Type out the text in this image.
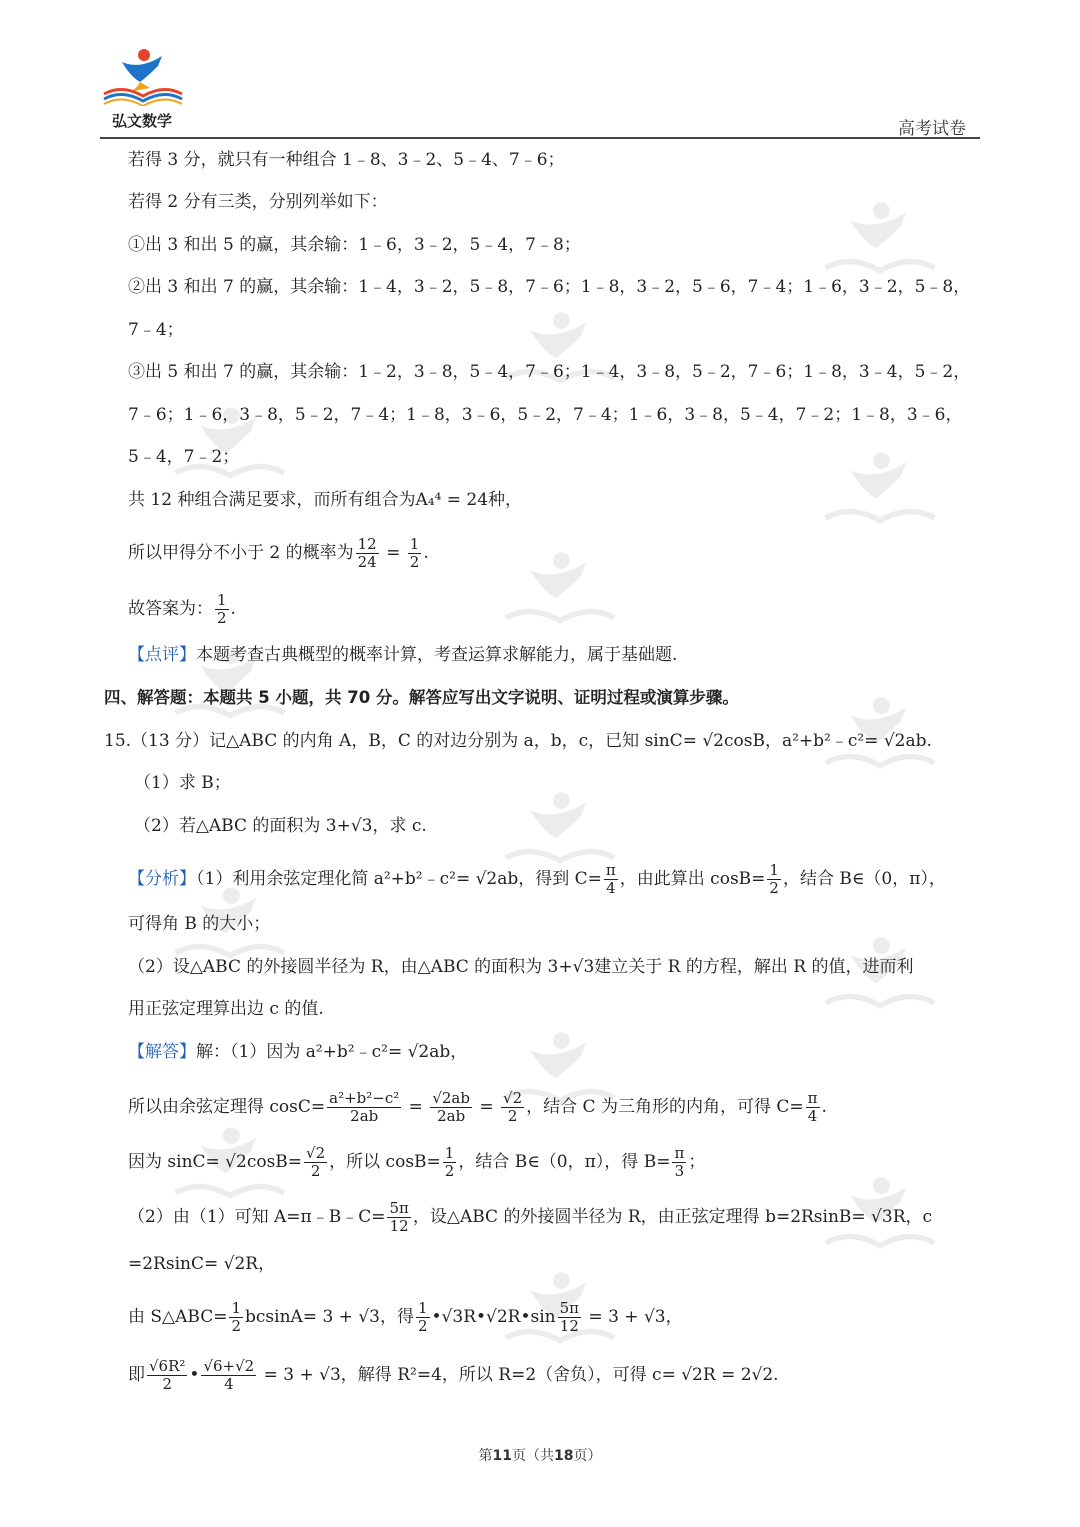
弘文数学	高考试卷
若得 3 分，就只有一种组合 1﹣8、3﹣2、5﹣4、7﹣6；
若得 2 分有三类，分别列举如下：
①出 3 和出 5 的赢，其余输：1﹣6，3﹣2，5﹣4，7﹣8；
②出 3 和出 7 的赢，其余输：1﹣4，3﹣2，5﹣8，7﹣6；1﹣8，3﹣2，5﹣6，7﹣4；1﹣6，3﹣2，5﹣8，
7﹣4；
③出 5 和出 7 的赢，其余输：1﹣2，3﹣8，5﹣4，7﹣6；1﹣4，3﹣8，5﹣2，7﹣6；1﹣8，3﹣4，5﹣2，
7﹣6；1﹣6，3﹣8，5﹣2，7﹣4；1﹣8，3﹣6，5﹣2，7﹣4；1﹣6，3﹣8，5﹣4，7﹣2；1﹣8，3﹣6，
5﹣4，7﹣2；
共 12 种组合满足要求，而所有组合为A₄⁴ = 24种，
所以甲得分不小于 2 的概率为 $\frac{12}{24} = \frac{1}{2}$ .
故答案为： $\frac{1}{2}$ .
【点评】本题考查古典概型的概率计算，考查运算求解能力，属于基础题.
四、解答题：本题共 5 小题，共 70 分。解答应写出文字说明、证明过程或演算步骤。
15.（13 分）记△ABC 的内角 A，B，C 的对边分别为 a，b，c，已知 sinC= √2cosB，a²+b²﹣c²= √2ab.
（1）求 B；
（2）若△ABC 的面积为 3+√3，求 c.
【分析】（1）利用余弦定理化简 a²+b²﹣c²= √2ab，得到 $C= \frac{\pi}{4}$ ，由此算出 $\cos B= \frac{1}{2}$ ，结合 B∈（0，π），
可得角 B 的大小；
（2）设△ABC 的外接圆半径为 R，由△ABC 的面积为 3+√3建立关于 R 的方程，解出 R 的值，进而利
用正弦定理算出边 c 的值.
【解答】解：（1）因为 a²+b²﹣c²= √2ab，
所以由余弦定理得 $\cos C= \frac{\text{a²+b²−c²}}{2ab} = \frac{√2ab}{2ab} = \frac{√2}{2}$ ，结合 C 为三角形的内角，可得 $C= \frac{\pi}{4}$ .
因为 $\sin C= √2\cos B= \frac{√2}{2}$ ，所以 $\cos B= \frac{1}{2}$ ，结合 B∈（0，π），得 $B= \frac{\pi}{3}$ ；
（2）由（1）可知 A=π﹣B﹣C= $\frac{5\pi}{12}$ ，设△ABC 的外接圆半径为 R，由正弦定理得 b=2RsinB= √3R，c
=2RsinC= √2R，
由 S△ABC= $\frac{1}{2} bcsinA= 3 + √3$，得 $\frac{1}{2}$ •√3R•√2R•sin $\frac{5\pi}{12} = 3 + √3$，
即 $\frac{\text{√6R²}}{2}$ • $\frac{√6+√2}{4} = 3 + √3$，解得 R²=4，所以 R=2（舍负），可得 c= √2R = 2√2.
第11页（共18页）
